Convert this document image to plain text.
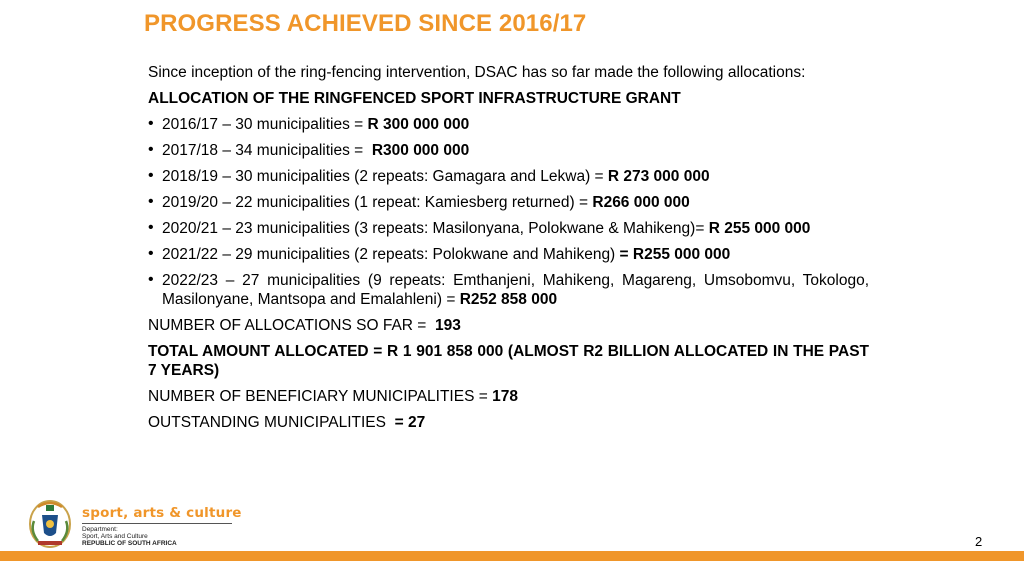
PROGRESS ACHIEVED SINCE 2016/17
Since inception of the ring-fencing intervention, DSAC has so far made the following allocations:
ALLOCATION OF THE RINGFENCED SPORT INFRASTRUCTURE GRANT
• 2016/17 – 30 municipalities = R 300 000 000
• 2017/18 – 34 municipalities =  R300 000 000
• 2018/19 – 30 municipalities (2 repeats: Gamagara and Lekwa) = R 273 000 000
• 2019/20 – 22 municipalities (1 repeat: Kamiesberg returned) = R266 000 000
• 2020/21 – 23 municipalities (3 repeats: Masilonyana, Polokwane & Mahikeng)= R 255 000 000
• 2021/22 – 29 municipalities (2 repeats: Polokwane and Mahikeng) = R255 000 000
• 2022/23 – 27 municipalities (9 repeats: Emthanjeni, Mahikeng, Magareng, Umsobomvu, Tokologo, Masilonyane, Mantsopa and Emalahleni) = R252 858 000
NUMBER OF ALLOCATIONS SO FAR =  193
TOTAL AMOUNT ALLOCATED = R 1 901 858 000 (ALMOST R2 BILLION ALLOCATED IN THE PAST 7 YEARS)
NUMBER OF BENEFICIARY MUNICIPALITIES = 178
OUTSTANDING MUNICIPALITIES  = 27
sport, arts & culture
Department:
Sport, Arts and Culture
REPUBLIC OF SOUTH AFRICA	2
